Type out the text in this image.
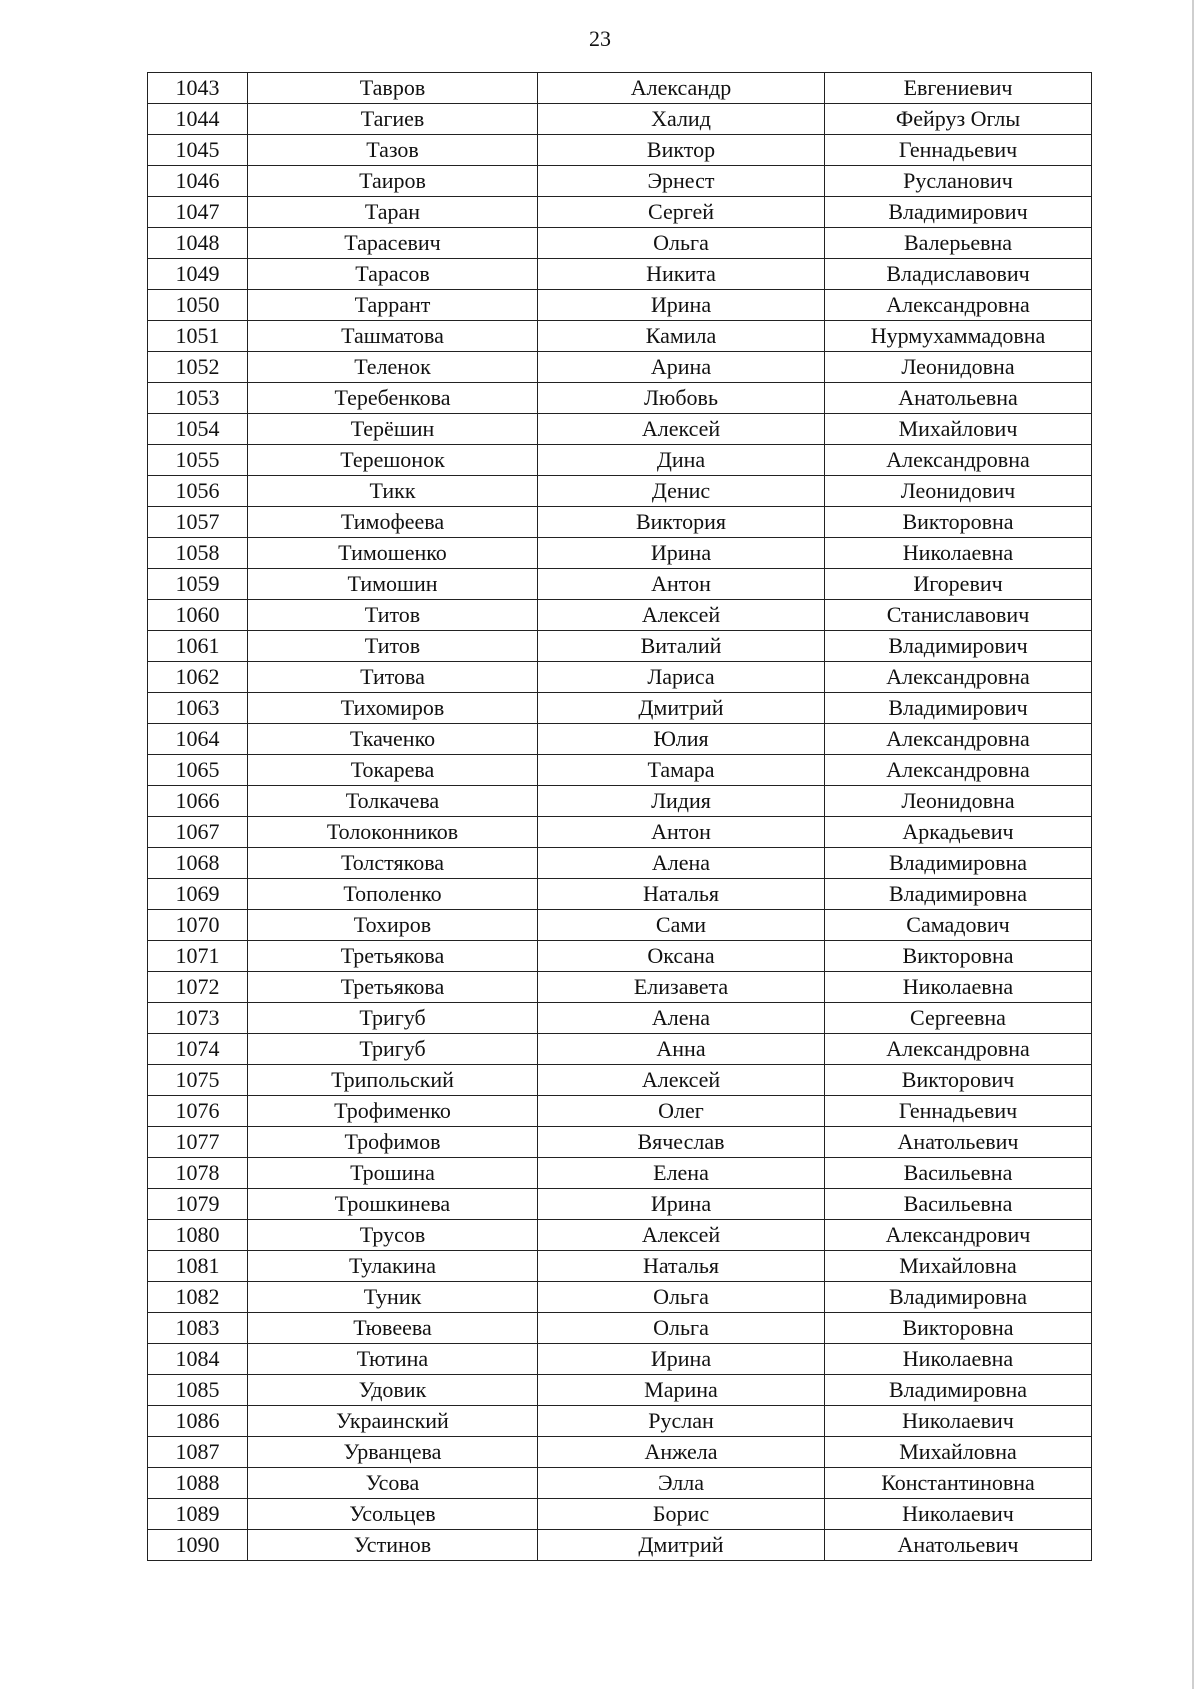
23
1043	Тавров	Александр	Евгениевич
1044	Тагиев	Халид	Фейруз Оглы
1045	Тазов	Виктор	Геннадьевич
1046	Таиров	Эрнест	Русланович
1047	Таран	Сергей	Владимирович
1048	Тарасевич	Ольга	Валерьевна
1049	Тарасов	Никита	Владиславович
1050	Таррант	Ирина	Александровна
1051	Ташматова	Камила	Нурмухаммадовна
1052	Теленок	Арина	Леонидовна
1053	Теребенкова	Любовь	Анатольевна
1054	Терёшин	Алексей	Михайлович
1055	Терешонок	Дина	Александровна
1056	Тикк	Денис	Леонидович
1057	Тимофеева	Виктория	Викторовна
1058	Тимошенко	Ирина	Николаевна
1059	Тимошин	Антон	Игоревич
1060	Титов	Алексей	Станиславович
1061	Титов	Виталий	Владимирович
1062	Титова	Лариса	Александровна
1063	Тихомиров	Дмитрий	Владимирович
1064	Ткаченко	Юлия	Александровна
1065	Токарева	Тамара	Александровна
1066	Толкачева	Лидия	Леонидовна
1067	Толоконников	Антон	Аркадьевич
1068	Толстякова	Алена	Владимировна
1069	Тополенко	Наталья	Владимировна
1070	Тохиров	Сами	Самадович
1071	Третьякова	Оксана	Викторовна
1072	Третьякова	Елизавета	Николаевна
1073	Тригуб	Алена	Сергеевна
1074	Тригуб	Анна	Александровна
1075	Трипольский	Алексей	Викторович
1076	Трофименко	Олег	Геннадьевич
1077	Трофимов	Вячеслав	Анатольевич
1078	Трошина	Елена	Васильевна
1079	Трошкинева	Ирина	Васильевна
1080	Трусов	Алексей	Александрович
1081	Тулакина	Наталья	Михайловна
1082	Туник	Ольга	Владимировна
1083	Тювеева	Ольга	Викторовна
1084	Тютина	Ирина	Николаевна
1085	Удовик	Марина	Владимировна
1086	Украинский	Руслан	Николаевич
1087	Урванцева	Анжела	Михайловна
1088	Усова	Элла	Константиновна
1089	Усольцев	Борис	Николаевич
1090	Устинов	Дмитрий	Анатольевич
